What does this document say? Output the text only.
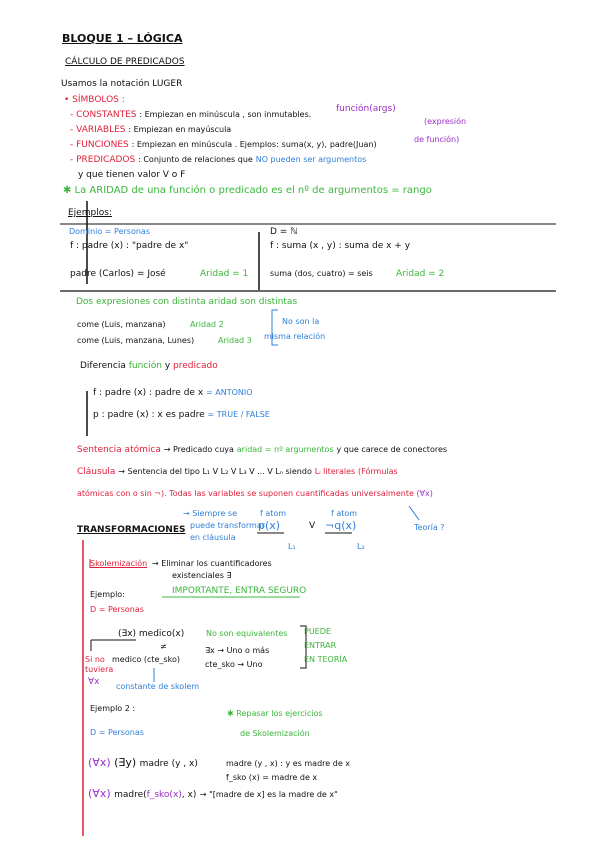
BLOQUE 1 – LÓGICA
CÁLCULO DE PREDICADOS
Usamos la notación LUGER
• SÍMBOLOS :
- CONSTANTES : Empiezan en minúscula , son inmutables.
- VARIABLES : Empiezan en mayúscula
- FUNCIONES : Empiezan en minúscula . Ejemplos: suma(x, y), padre(Juan)
- PREDICADOS : Conjunto de relaciones que NO pueden ser argumentos
y que tienen valor V o F
función(args)
(expresión
de función)
✱ La ARIDAD de una función o predicado es el nº de argumentos = rango
Ejemplos:
Dominio = Personas
f : padre (x) : "padre de x"
padre (Carlos) = José	Aridad = 1
D = ℕ
f : suma (x , y) : suma de x + y
suma (dos, cuatro) = seis	Aridad = 2
Dos expresiones con distinta aridad son distintas
come (Luis, manzana)	Aridad 2
come (Luis, manzana, Lunes)	Aridad 3
No son la
misma relación
Diferencia función y predicado
f : padre (x) : padre de x = ANTONIO
p : padre (x) : x es padre = TRUE / FALSE
Sentencia atómica → Predicado cuya aridad = nº argumentos y que carece de conectores
Cláusula → Sentencia del tipo L₁ V L₂ V L₃ V ... V Lₙ siendo Lᵢ literales (Fórmulas
atómicas con o sin ¬). Todas las variables se suponen cuantificadas universalmente (∀x)
TRANSFORMACIONES
→ Siempre se
puede transformar
en cláusula
f atom	f atom
p(x)	V ¬q(x)
L₁	L₂
Teoría ?
Skolemización → Eliminar los cuantificadores
existenciales ∃
Ejemplo:
D = Personas
IMPORTANTE, ENTRA SEGURO
(∃x) medico(x)	No son equivalentes
≠
medico (cte_sko)
∃x → Uno o más
cte_sko → Uno
Si no
tuviera
∀x constante de skolem
PUEDE
ENTRAR
EN TEORÍA
Ejemplo 2 :
D = Personas
✱ Repasar los ejercicios
de Skolemización
(∀x) (∃y) madre (y , x)	madre (y , x) : y es madre de x
f_sko (x) = madre de x
(∀x) madre(f_sko(x), x) → "[madre de x] es la madre de x"
